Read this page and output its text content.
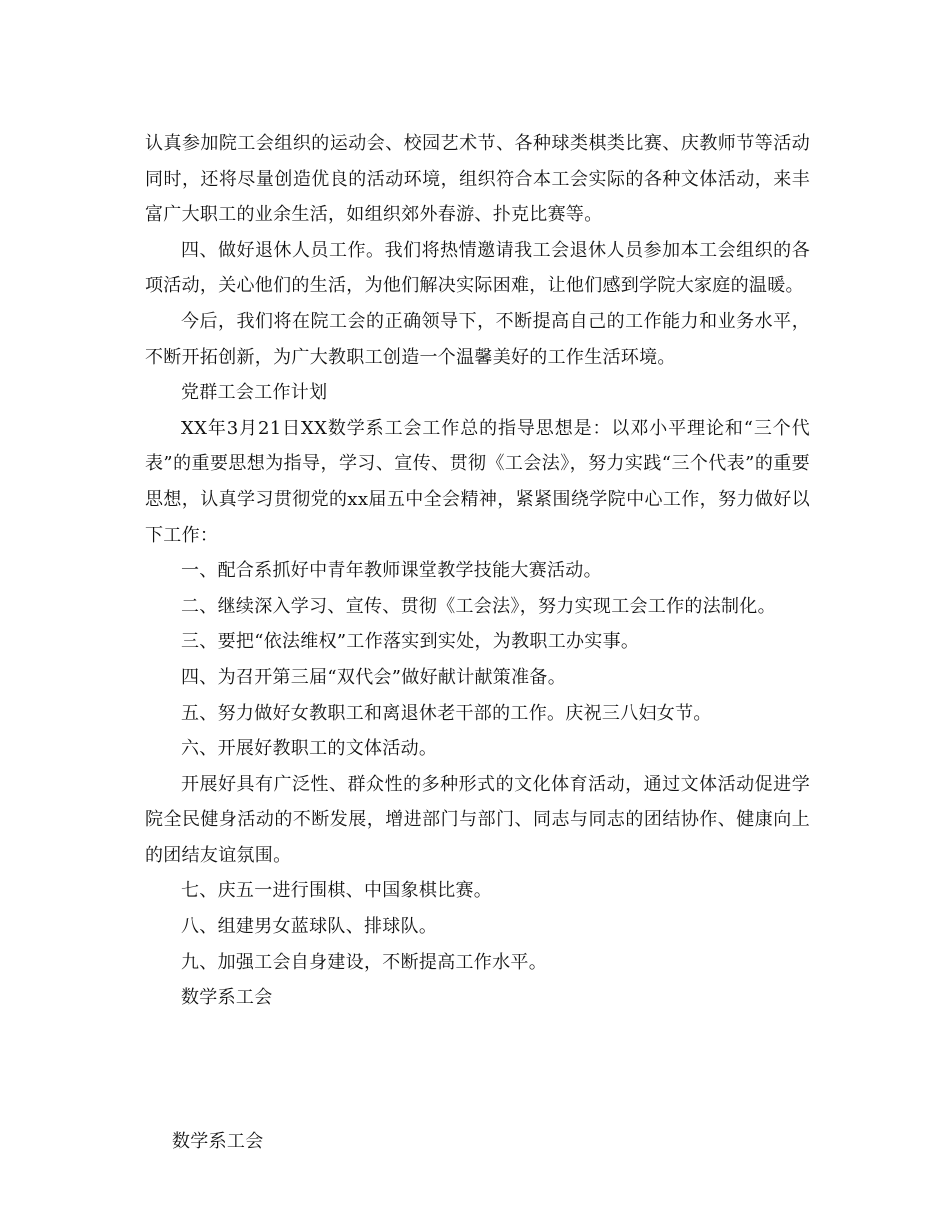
认真参加院工会组织的运动会、校园艺术节、各种球类棋类比赛、庆教师节等活动同时，还将尽量创造优良的活动环境，组织符合本工会实际的各种文体活动，来丰富广大职工的业余生活，如组织郊外春游、扑克比赛等。

四、做好退休人员工作。我们将热情邀请我工会退休人员参加本工会组织的各项活动，关心他们的生活，为他们解决实际困难，让他们感到学院大家庭的温暖。

今后，我们将在院工会的正确领导下，不断提高自己的工作能力和业务水平，不断开拓创新，为广大教职工创造一个温馨美好的工作生活环境。

党群工会工作计划

XX年3月21日XX数学系工会工作总的指导思想是：以邓小平理论和“三个代表”的重要思想为指导，学习、宣传、贯彻《工会法》，努力实践“三个代表”的重要思想，认真学习贯彻党的xx届五中全会精神，紧紧围绕学院中心工作，努力做好以下工作：

一、配合系抓好中青年教师课堂教学技能大赛活动。

二、继续深入学习、宣传、贯彻《工会法》，努力实现工会工作的法制化。

三、要把“依法维权”工作落实到实处，为教职工办实事。

四、为召开第三届“双代会”做好献计献策准备。

五、努力做好女教职工和离退休老干部的工作。庆祝三八妇女节。

六、开展好教职工的文体活动。

开展好具有广泛性、群众性的多种形式的文化体育活动，通过文体活动促进学院全民健身活动的不断发展，增进部门与部门、同志与同志的团结协作、健康向上的团结友谊氛围。

七、庆五一进行围棋、中国象棋比赛。

八、组建男女蓝球队、排球队。

九、加强工会自身建设，不断提高工作水平。

数学系工会

数学系工会
